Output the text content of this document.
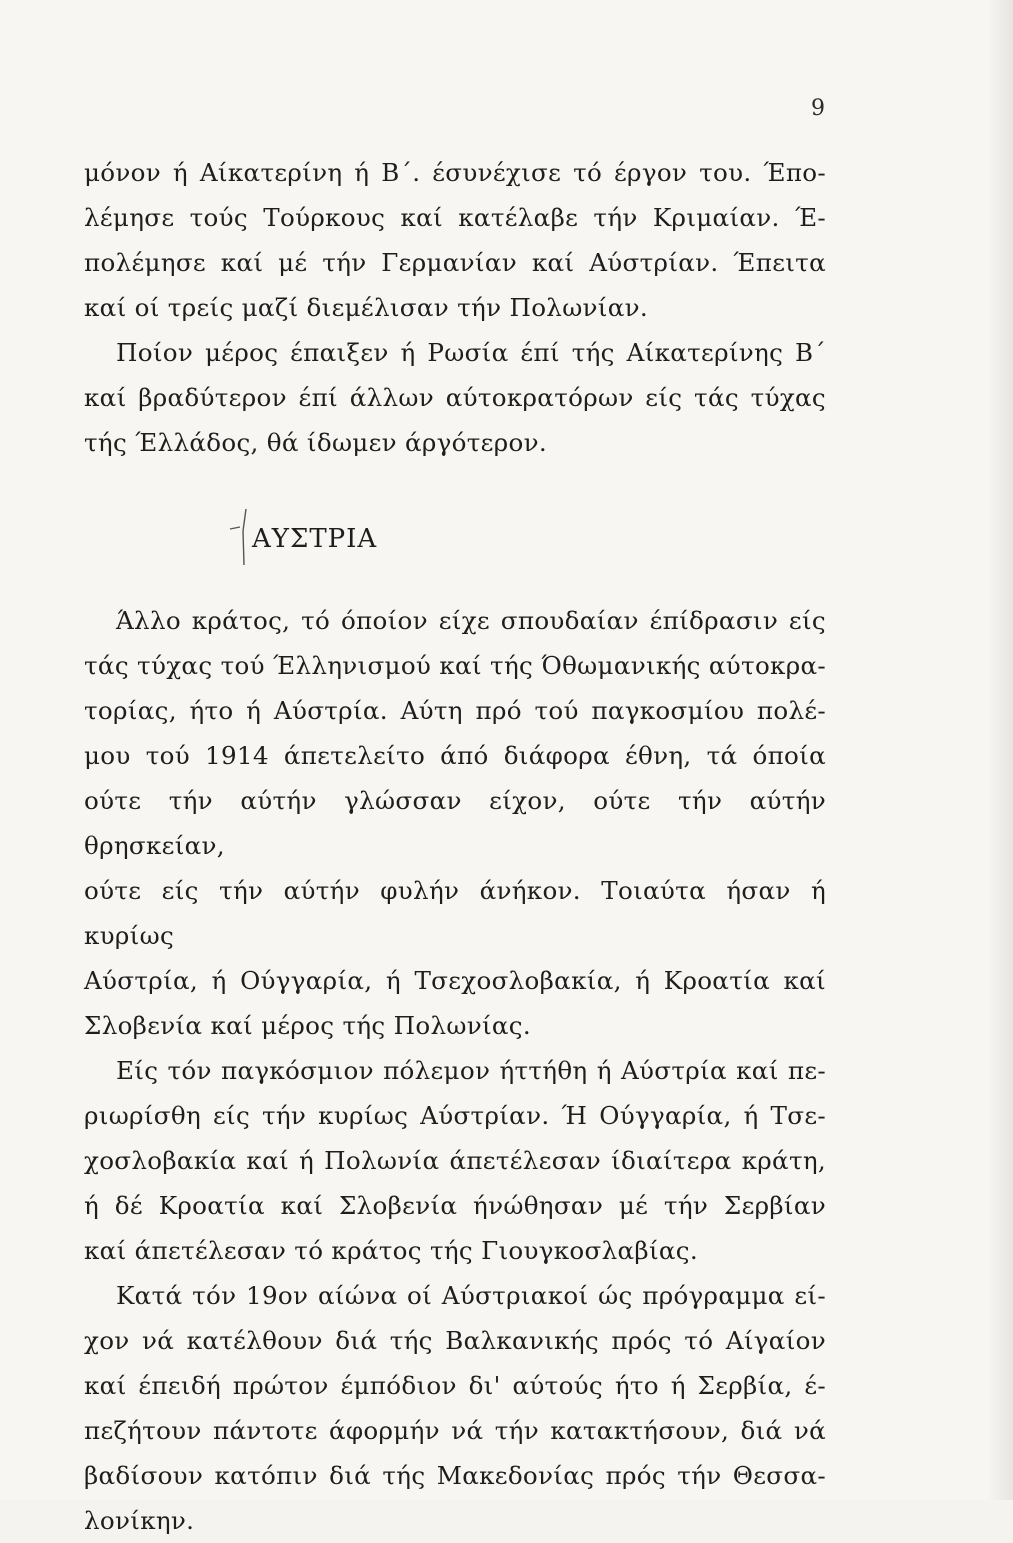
9
μόνον ή Αίκατερίνη ή Β΄. έσυνέχισε τό έργον του. Έπο-
λέμησε τούς Τούρκους καί κατέλαβε τήν Κριμαίαν. Έ-
πολέμησε καί μέ τήν Γερμανίαν καί Αύστρίαν. Έπειτα
καί οί τρείς μαζί διεμέλισαν τήν Πολωνίαν.
Ποίον μέρος έπαιξεν ή Ρωσία έπί τής Αίκατερίνης Β΄
καί βραδύτερον έπί άλλων αύτοκρατόρων είς τάς τύχας
τής Έλλάδος, θά ίδωμεν άργότερον.
ΑΥΣΤΡΙΑ
Άλλο κράτος, τό όποίον είχε σπουδαίαν έπίδρασιν είς
τάς τύχας τού Έλληνισμού καί τής Όθωμανικής αύτοκρα-
τορίας, ήτο ή Αύστρία. Αύτη πρό τού παγκοσμίου πολέ-
μου τού 1914 άπετελείτο άπό διάφορα έθνη, τά όποία
ούτε τήν αύτήν γλώσσαν είχον, ούτε τήν αύτήν θρησκείαν,
ούτε είς τήν αύτήν φυλήν άνήκον. Τοιαύτα ήσαν ή κυρίως
Αύστρία, ή Ούγγαρία, ή Τσεχοσλοβακία, ή Κροατία καί
Σλοβενία καί μέρος τής Πολωνίας.
Είς τόν παγκόσμιον πόλεμον ήττήθη ή Αύστρία καί πε-
ριωρίσθη είς τήν κυρίως Αύστρίαν. Ή Ούγγαρία, ή Τσε-
χοσλοβακία καί ή Πολωνία άπετέλεσαν ίδιαίτερα κράτη,
ή δέ Κροατία καί Σλοβενία ήνώθησαν μέ τήν Σερβίαν
καί άπετέλεσαν τό κράτος τής Γιουγκοσλαβίας.
Κατά τόν 19ον αίώνα οί Αύστριακοί ώς πρόγραμμα εί-
χον νά κατέλθουν διά τής Βαλκανικής πρός τό Αίγαίον
καί έπειδή πρώτον έμπόδιον δι' αύτούς ήτο ή Σερβία, έ-
πεζήτουν πάντοτε άφορμήν νά τήν κατακτήσουν, διά νά
βαδίσουν κατόπιν διά τής Μακεδονίας πρός τήν Θεσσα-
λονίκην.
